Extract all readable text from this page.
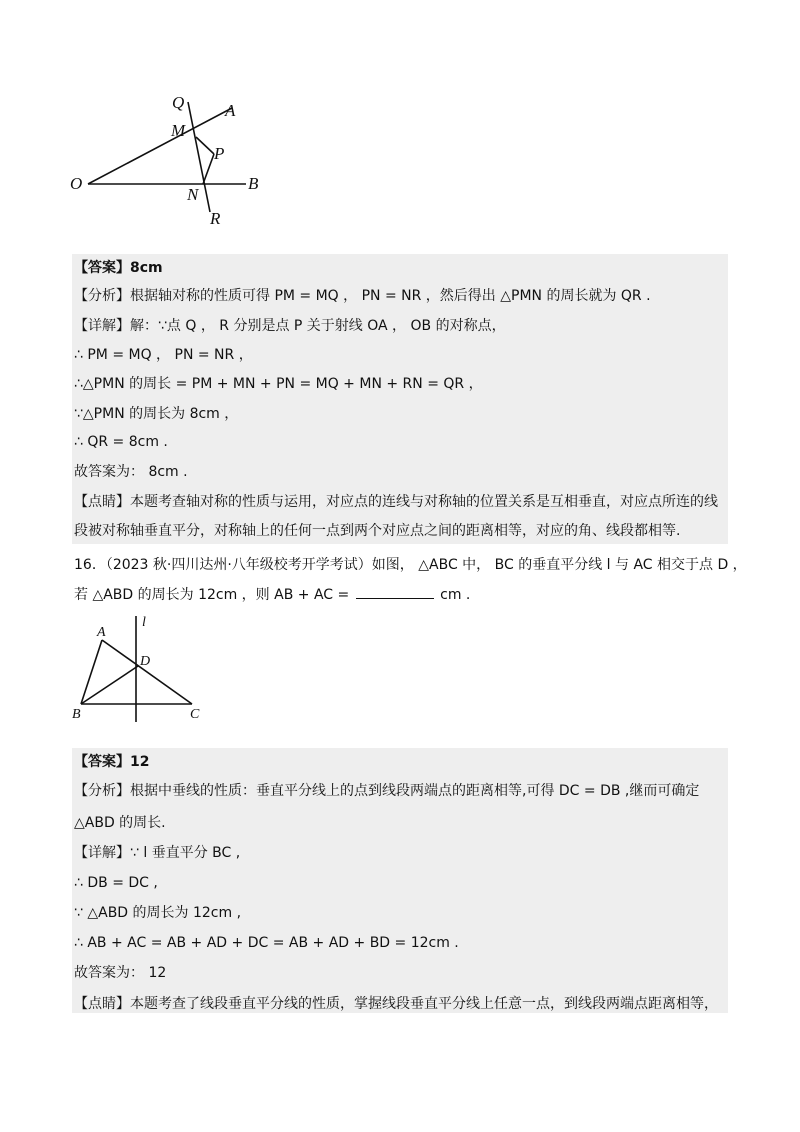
Q A
M
P
O
N
B
R
【答案】8cm
【分析】根据轴对称的性质可得 PM = MQ ， PN = NR ，然后得出 △PMN 的周长就为 QR .
【详解】解：∵点 Q ， R 分别是点 P 关于射线 OA ， OB 的对称点，
∴ PM = MQ ， PN = NR ，
∴△PMN 的周长 = PM + MN + PN = MQ + MN + RN = QR ，
∵△PMN 的周长为 8cm ，
∴ QR = 8cm .
故答案为： 8cm .
【点睛】本题考查轴对称的性质与运用，对应点的连线与对称轴的位置关系是互相垂直，对应点所连的线
段被对称轴垂直平分，对称轴上的任何一点到两个对应点之间的距离相等，对应的角、线段都相等.
16．（2023 秋·四川达州·八年级校考开学考试）如图， △ABC 中， BC 的垂直平分线 l 与 AC 相交于点 D ，
若 △ABD 的周长为 12cm ，则 AB + AC =	cm .
A
l
D
B	C
【答案】12
【分析】根据中垂线的性质：垂直平分线上的点到线段两端点的距离相等,可得 DC = DB ,继而可确定
△ABD 的周长.
【详解】∵ l 垂直平分 BC ,
∴ DB = DC ,
∵ △ABD 的周长为 12cm ,
∴ AB + AC = AB + AD + DC = AB + AD + BD = 12cm .
故答案为： 12
【点睛】本题考查了线段垂直平分线的性质，掌握线段垂直平分线上任意一点，到线段两端点距离相等，
